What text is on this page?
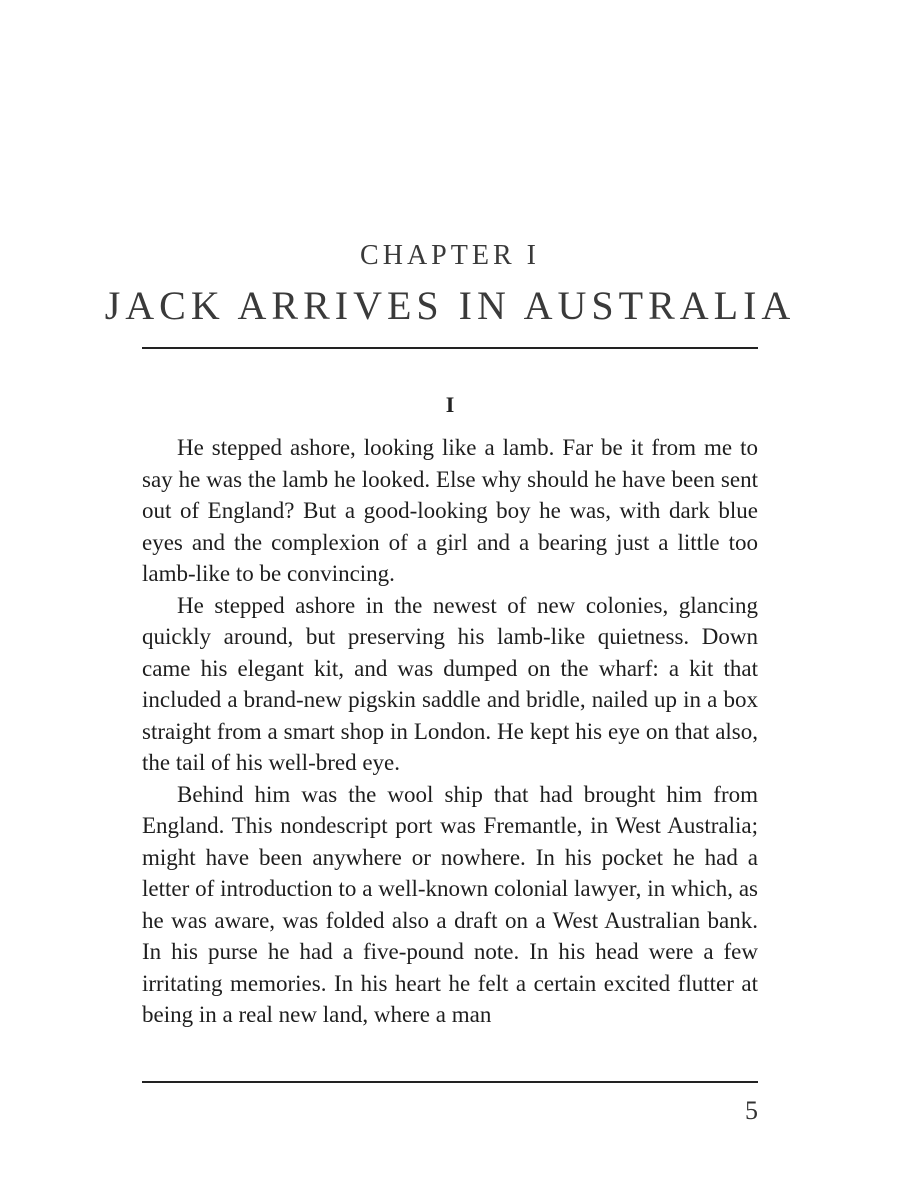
CHAPTER I
JACK ARRIVES IN AUSTRALIA
I

He stepped ashore, looking like a lamb. Far be it from me to say he was the lamb he looked. Else why should he have been sent out of England? But a good-looking boy he was, with dark blue eyes and the complexion of a girl and a bearing just a little too lamb-like to be convincing.

He stepped ashore in the newest of new colonies, glancing quickly around, but preserving his lamb-like quietness. Down came his elegant kit, and was dumped on the wharf: a kit that included a brand-new pigskin saddle and bridle, nailed up in a box straight from a smart shop in London. He kept his eye on that also, the tail of his well-bred eye.

Behind him was the wool ship that had brought him from England. This nondescript port was Fremantle, in West Australia; might have been anywhere or nowhere. In his pocket he had a letter of introduction to a well-known colonial lawyer, in which, as he was aware, was folded also a draft on a West Australian bank. In his purse he had a five-pound note. In his head were a few irritating memories. In his heart he felt a certain excited flutter at being in a real new land, where a man

5
